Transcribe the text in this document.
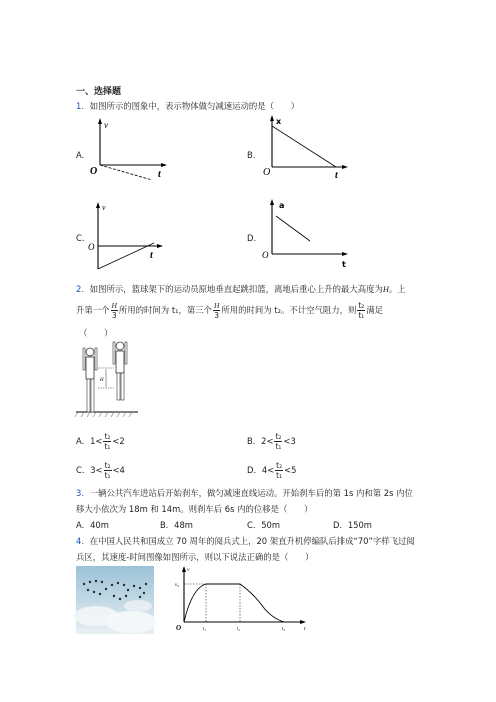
一、选择题
1．如图所示的图象中，表示物体做匀减速运动的是（　　）
A.
v
O	t
B.
x
O	t
C.
v
O
t
D.
a
O
t
2．如图所示，篮球架下的运动员原地垂直起跳扣篮，离地后重心上升的最大高度为H。上
升第一个 $\frac{H}{3}$ 所用的时间为 t₁，第三个 $\frac{H}{3}$ 所用的时间为 t₂。不计空气阻力，则 $\frac{\text{t₂}}{\text{t₁}}$ 满足
（　　）
H
A．$1< \frac{\text{t₂}}{\text{t₁}} <2$	B．$2< \frac{\text{t₂}}{\text{t₁}} <3$
C．$3< \frac{\text{t₂}}{\text{t₁}} <4$	D．$4< \frac{\text{t₂}}{\text{t₁}} <5$
3．一辆公共汽车进站后开始刹车，做匀减速直线运动。开始刹车后的第 1s 内和第 2s 内位
移大小依次为 18m 和 14m。则刹车后 6s 内的位移是（　　）
A．40m	B．48m	C．50m	D．150m
4．在中国人民共和国成立 70 周年的阅兵式上，20 架直升机停编队后排成“70”字样飞过阅
兵区，其速度-时间图像如图所示，则以下说法正确的是（　　）
v
v₀
O	t₁	t₂	t₃	t
